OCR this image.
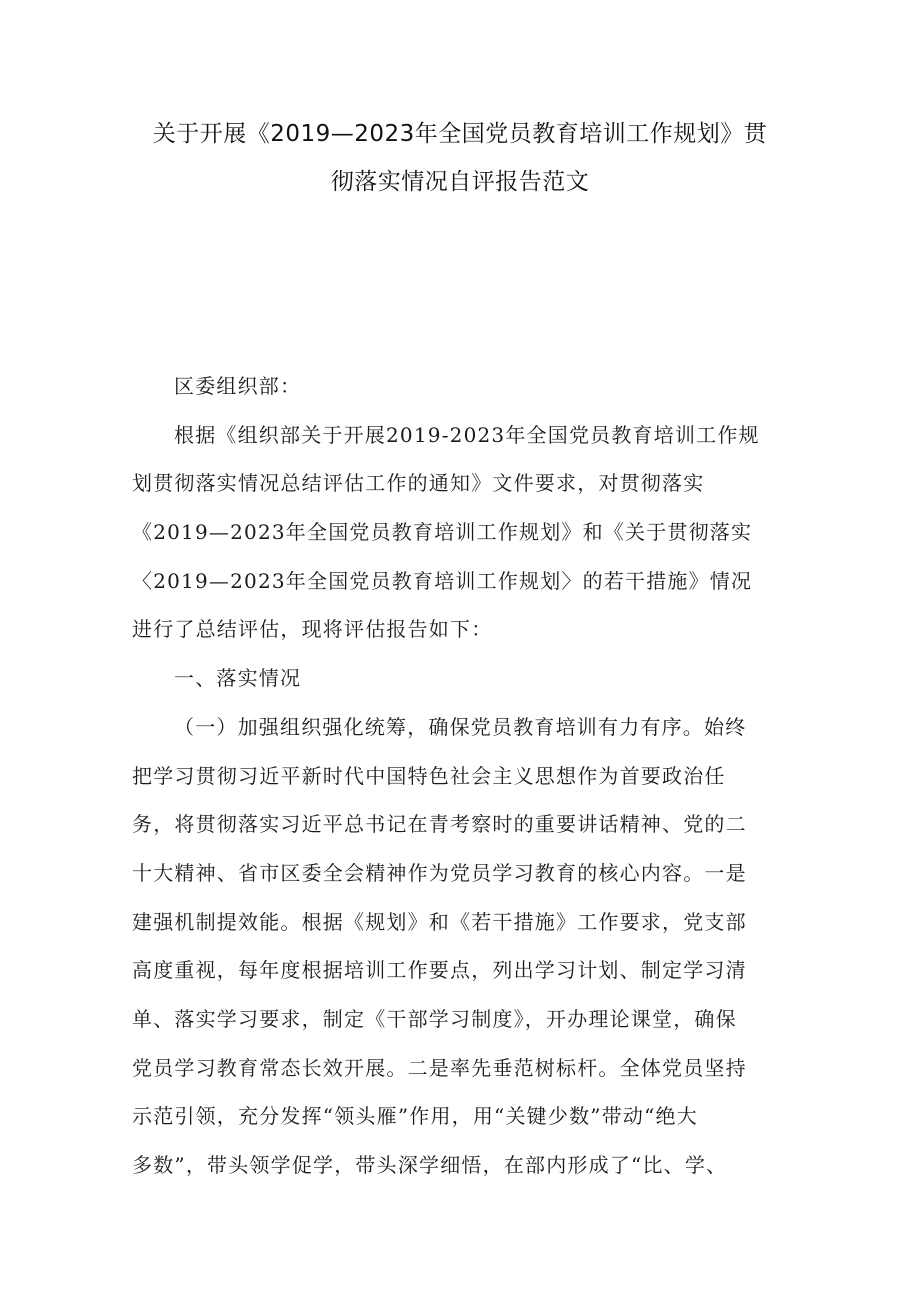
关于开展《2019—2023年全国党员教育培训工作规划》贯
彻落实情况自评报告范文
区委组织部：
根据《组织部关于开展2019-2023年全国党员教育培训工作规
划贯彻落实情况总结评估工作的通知》文件要求，对贯彻落实
《2019—2023年全国党员教育培训工作规划》和《关于贯彻落实
〈2019—2023年全国党员教育培训工作规划〉的若干措施》情况
进行了总结评估，现将评估报告如下：
一、落实情况
（一）加强组织强化统筹，确保党员教育培训有力有序。始终
把学习贯彻习近平新时代中国特色社会主义思想作为首要政治任
务，将贯彻落实习近平总书记在青考察时的重要讲话精神、党的二
十大精神、省市区委全会精神作为党员学习教育的核心内容。一是
建强机制提效能。根据《规划》和《若干措施》工作要求，党支部
高度重视，每年度根据培训工作要点，列出学习计划、制定学习清
单、落实学习要求，制定《干部学习制度》，开办理论课堂，确保
党员学习教育常态长效开展。二是率先垂范树标杆。全体党员坚持
示范引领，充分发挥“领头雁”作用，用“关键少数”带动“绝大
多数”，带头领学促学，带头深学细悟，在部内形成了“比、学、
